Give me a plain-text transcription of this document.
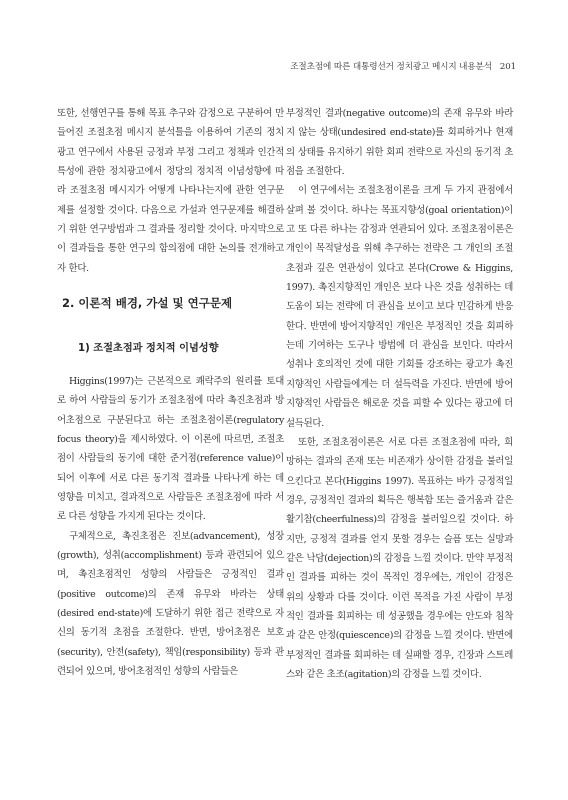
조절초점에 따른 대통령선거 정치광고 메시지 내용분석 201

또한, 선행연구를 통해 목표 추구와 감정으로 구분하여 만들어진 조절초점 메시지 분석틀을 이용하여 기존의 정치광고 연구에서 사용된 긍정과 부정 그리고 정책과 인간적 특성에 관한 정치광고에서 정당의 정치적 이념성향에 따라 조절초점 메시지가 어떻게 나타나는지에 관한 연구문제를 설정할 것이다. 다음으로 가설과 연구문제를 해결하기 위한 연구방법과 그 결과를 정리할 것이다. 마지막으로 이 결과들을 통한 연구의 함의점에 대한 논의를 전개하고자 한다.

2. 이론적 배경, 가설 및 연구문제
1) 조절초점과 정치적 이념성향

Higgins(1997)는 근본적으로 쾌락주의 원리를 토대로 하여 사람들의 동기가 조절초점에 따라 촉진초점과 방어초점으로 구분된다고 하는 조절초점이론(regulatory focus theory)을 제시하였다. 이 이론에 따르면, 조절초점이 사람들의 동기에 대한 준거점(reference value)이 되어 이후에 서로 다른 동기적 결과를 나타나게 하는 데 영향을 미치고, 결과적으로 사람들은 조절초점에 따라 서로 다른 성향을 가지게 된다는 것이다.

구체적으로, 촉진초점은 진보(advancement), 성장(growth), 성취(accomplishment) 등과 관련되어 있으며, 촉진초점적인 성향의 사람들은 긍정적인 결과(positive outcome)의 존재 유무와 바라는 상태(desired end-state)에 도달하기 위한 접근 전략으로 자신의 동기적 초점을 조절한다. 반면, 방어초점은 보호(security), 안전(safety), 책임(responsibility) 등과 관련되어 있으며, 방어초점적인 성향의 사람들은

부정적인 결과(negative outcome)의 존재 유무와 바라지 않는 상태(undesired end-state)를 회피하거나 현재의 상태를 유지하기 위한 회피 전략으로 자신의 동기적 초점을 조절한다.

이 연구에서는 조절초점이론을 크게 두 가지 관점에서 살펴 볼 것이다. 하나는 목표지향성(goal orientation)이고 또 다른 하나는 감정과 연관되어 있다. 조절초점이론은 개인이 목적달성을 위해 추구하는 전략은 그 개인의 조절초점과 깊은 연관성이 있다고 본다(Crowe & Higgins, 1997). 촉진지향적인 개인은 보다 나은 것을 성취하는 데 도움이 되는 전략에 더 관심을 보이고 보다 민감하게 반응한다. 반면에 방어지향적인 개인은 부정적인 것을 회피하는데 기여하는 도구나 방법에 더 관심을 보인다. 따라서 성취나 호의적인 것에 대한 기회를 강조하는 광고가 촉진지향적인 사람들에게는 더 설득력을 가진다. 반면에 방어지향적인 사람들은 해로운 것을 피할 수 있다는 광고에 더 설득된다.

또한, 조절초점이론은 서로 다른 조절초점에 따라, 희망하는 결과의 존재 또는 비존재가 상이한 감정을 불러일으킨다고 본다(Higgins 1997). 목표하는 바가 긍정적일 경우, 긍정적인 결과의 획득은 행복함 또는 즐거움과 같은 활기참(cheerfulness)의 감정을 불러일으킬 것이다. 하지만, 긍정적 결과를 얻지 못할 경우는 슬픔 또는 실망과 같은 낙담(dejection)의 감정을 느낄 것이다. 만약 부정적인 결과를 피하는 것이 목적인 경우에는, 개인이 감정은 위의 상황과 다를 것이다. 이런 목적을 가진 사람이 부정적인 결과를 회피하는 데 성공했을 경우에는 안도와 침착과 같은 안정(quiescence)의 감정을 느낄 것이다. 반면에 부정적인 결과를 회피하는 데 실패할 경우, 긴장과 스트레스와 같은 초조(agitation)의 감정을 느낄 것이다.
